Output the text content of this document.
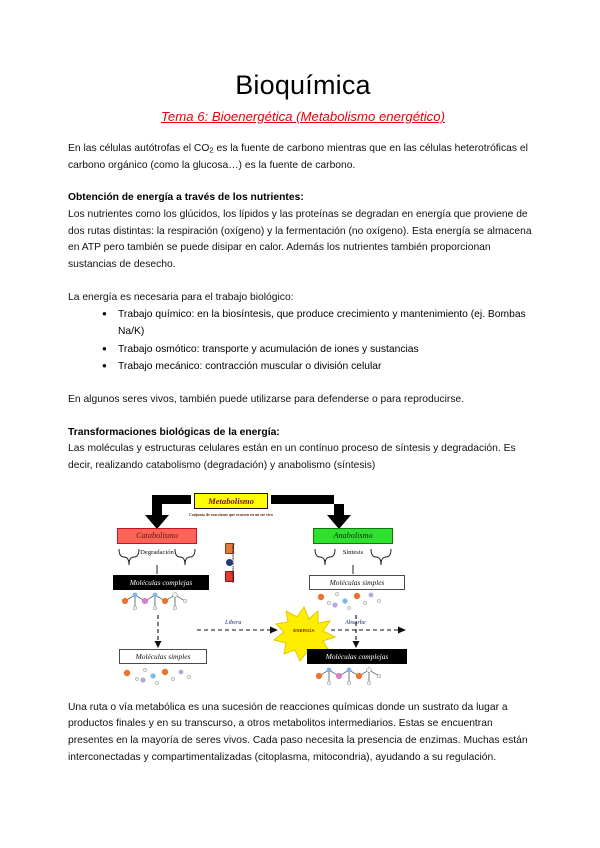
Bioquímica
Tema 6: Bioenergética (Metabolismo energético)

En las células autótrofas el $CO_2$ es la fuente de carbono mientras que en las células heterotróficas el carbono orgánico (como la glucosa…) es la fuente de carbono.

Obtención de energía a través de los nutrientes:

Los nutrientes como los glúcidos, los lípidos y las proteínas se degradan en energía que proviene de dos rutas distintas: la respiración (oxígeno) y la fermentación (no oxígeno). Esta energía se almacena en ATP pero también se puede disipar en calor. Además los nutrientes también proporcionan sustancias de desecho.

La energía es necesaria para el trabajo biológico:

● Trabajo químico: en la biosíntesis, que produce crecimiento y mantenimiento (ej. Bombas Na/K)
● Trabajo osmótico: transporte y acumulación de iones y sustancias
● Trabajo mecánico: contracción muscular o división celular

En algunos seres vivos, también puede utilizarse para defenderse o para reproducirse.

Transformaciones biológicas de la energía:

Las moléculas y estructuras celulares están en un contínuo proceso de síntesis y degradación. Es decir, realizando catabolismo (degradación) y anabolismo (síntesis)

Metabolismo
Conjunto de reacciones que ocurren en un ser vivo
Catabolismo	Anabolismo
Degradación	Síntesis
Moléculas complejas	Moléculas simples
Moléculas simples	Moléculas complejas
Libera	Absorbe
ENERGÍA
Transferencia energética

Una ruta o vía metabólica es una sucesión de reacciones químicas donde un sustrato da lugar a productos finales y en su transcurso, a otros metabolitos intermediarios. Estas se encuentran presentes en la mayoría de seres vivos. Cada paso necesita la presencia de enzimas. Muchas están interconectadas y compartimentalizadas (citoplasma, mitocondria), ayudando a su regulación.
